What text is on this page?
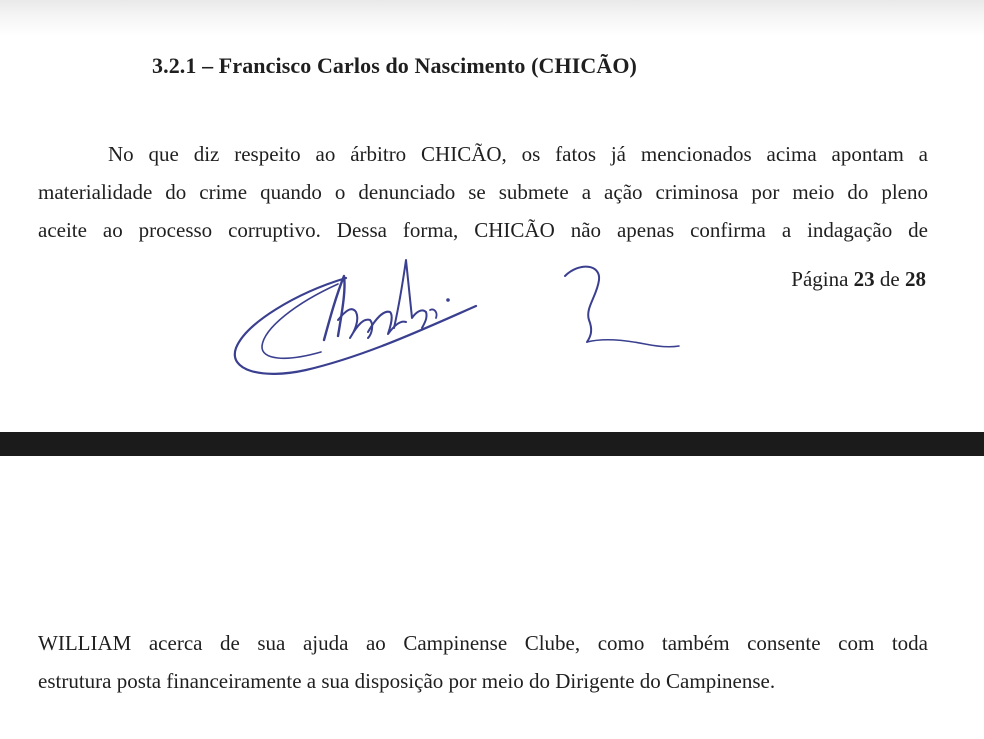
3.2.1 – Francisco Carlos do Nascimento (CHICÃO)
No que diz respeito ao árbitro CHICÃO, os fatos já mencionados acima apontam a
materialidade do crime quando o denunciado se submete a ação criminosa por meio do pleno
aceite ao processo corruptivo. Dessa forma, CHICÃO não apenas confirma a indagação de
Página 23 de 28
WILLIAM acerca de sua ajuda ao Campinense Clube, como também consente com toda
estrutura posta financeiramente a sua disposição por meio do Dirigente do Campinense.
